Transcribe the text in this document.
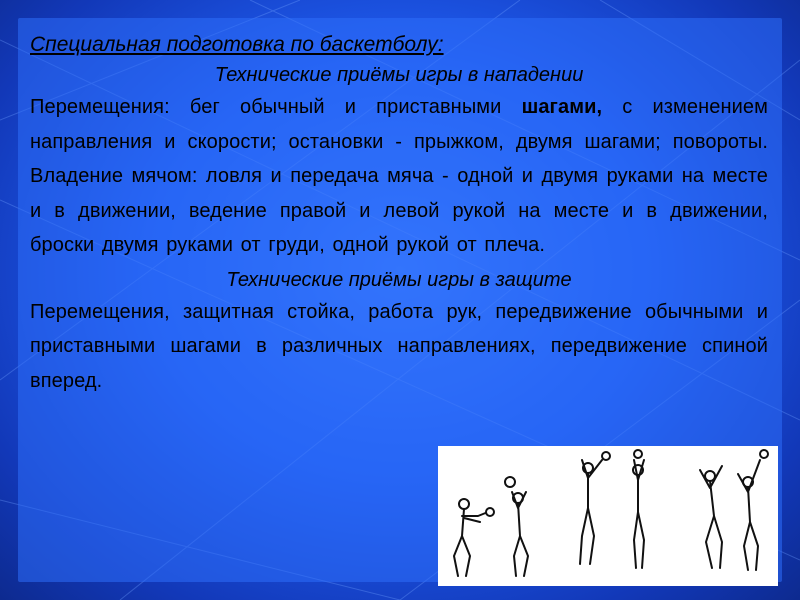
Специальная подготовка по баскетболу:
Технические приёмы игры в нападении
Перемещения: бег обычный и приставными шагами, с изменением направления и скорости; остановки - прыжком, двумя шагами; повороты. Владение мячом: ловля и передача мяча - одной и двумя руками на месте и в движении, ведение правой и левой рукой на месте и в движении, броски двумя руками от груди, одной рукой от плеча.
Технические приёмы игры в защите
Перемещения, защитная стойка, работа рук, передвижение обычными и приставными шагами в различных направлениях, передвижение спиной вперед.
